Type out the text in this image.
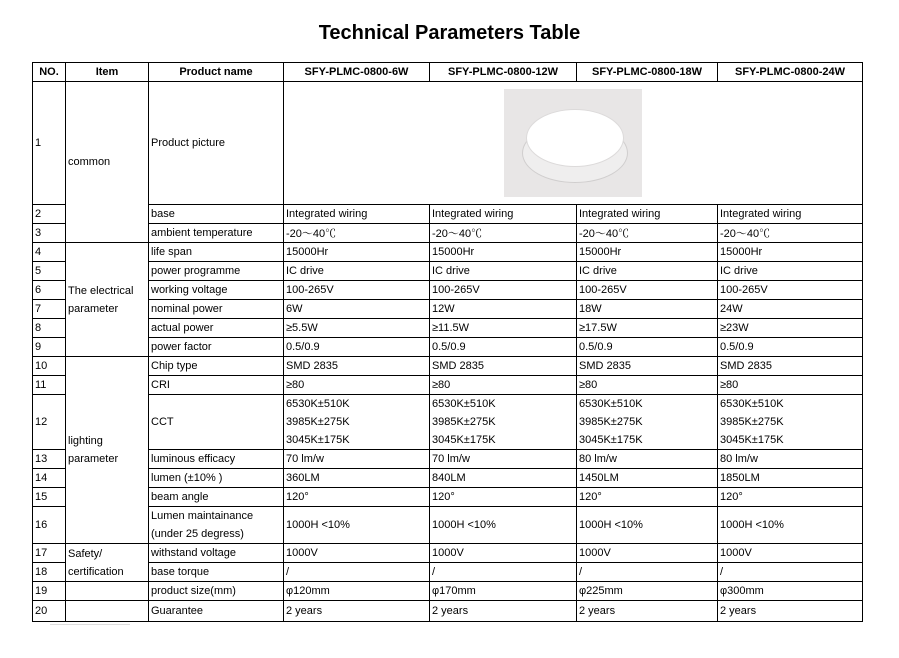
Technical Parameters Table
NO.	Item	Product name	SFY-PLMC-0800-6W	SFY-PLMC-0800-12W	SFY-PLMC-0800-18W	SFY-PLMC-0800-24W
1	common	Product picture				

2		base	Integrated wiring	Integrated wiring	Integrated wiring	Integrated wiring
3		ambient temperature	-20～40℃	-20～40℃	-20～40℃	-20～40℃
4	The electrical
parameter	life span	15000Hr	15000Hr	15000Hr	15000Hr
5		power programme	IC drive	IC drive	IC drive	IC drive
6		working voltage	100-265V	100-265V	100-265V	100-265V
7		nominal power	6W	12W	18W	24W
8		actual power	≥5.5W	≥11.5W	≥17.5W	≥23W
9		power factor	0.5/0.9	0.5/0.9	0.5/0.9	0.5/0.9
10	lighting
parameter	Chip type	SMD 2835	SMD 2835	SMD 2835	SMD 2835
11		CRI	≥80	≥80	≥80	≥80
12		CCT	6530K±510K
3985K±275K
3045K±175K	6530K±510K
3985K±275K
3045K±175K	6530K±510K
3985K±275K
3045K±175K	6530K±510K
3985K±275K
3045K±175K
13		luminous efficacy	70 lm/w	70 lm/w	80 lm/w	80 lm/w
14		lumen (±10% )	360LM	840LM	1450LM	1850LM
15		beam angle	120°	120°	120°	120°
16		Lumen maintainance
(under 25 degress)	1000H <10%	1000H <10%	1000H <10%	1000H <10%
17	Safety/
certification	withstand voltage	1000V	1000V	1000V	1000V
18		base torque	/	/	/	/
19		product size(mm)	φ120mm	φ170mm	φ225mm	φ300mm
20		Guarantee	2 years	2 years	2 years	2 years
